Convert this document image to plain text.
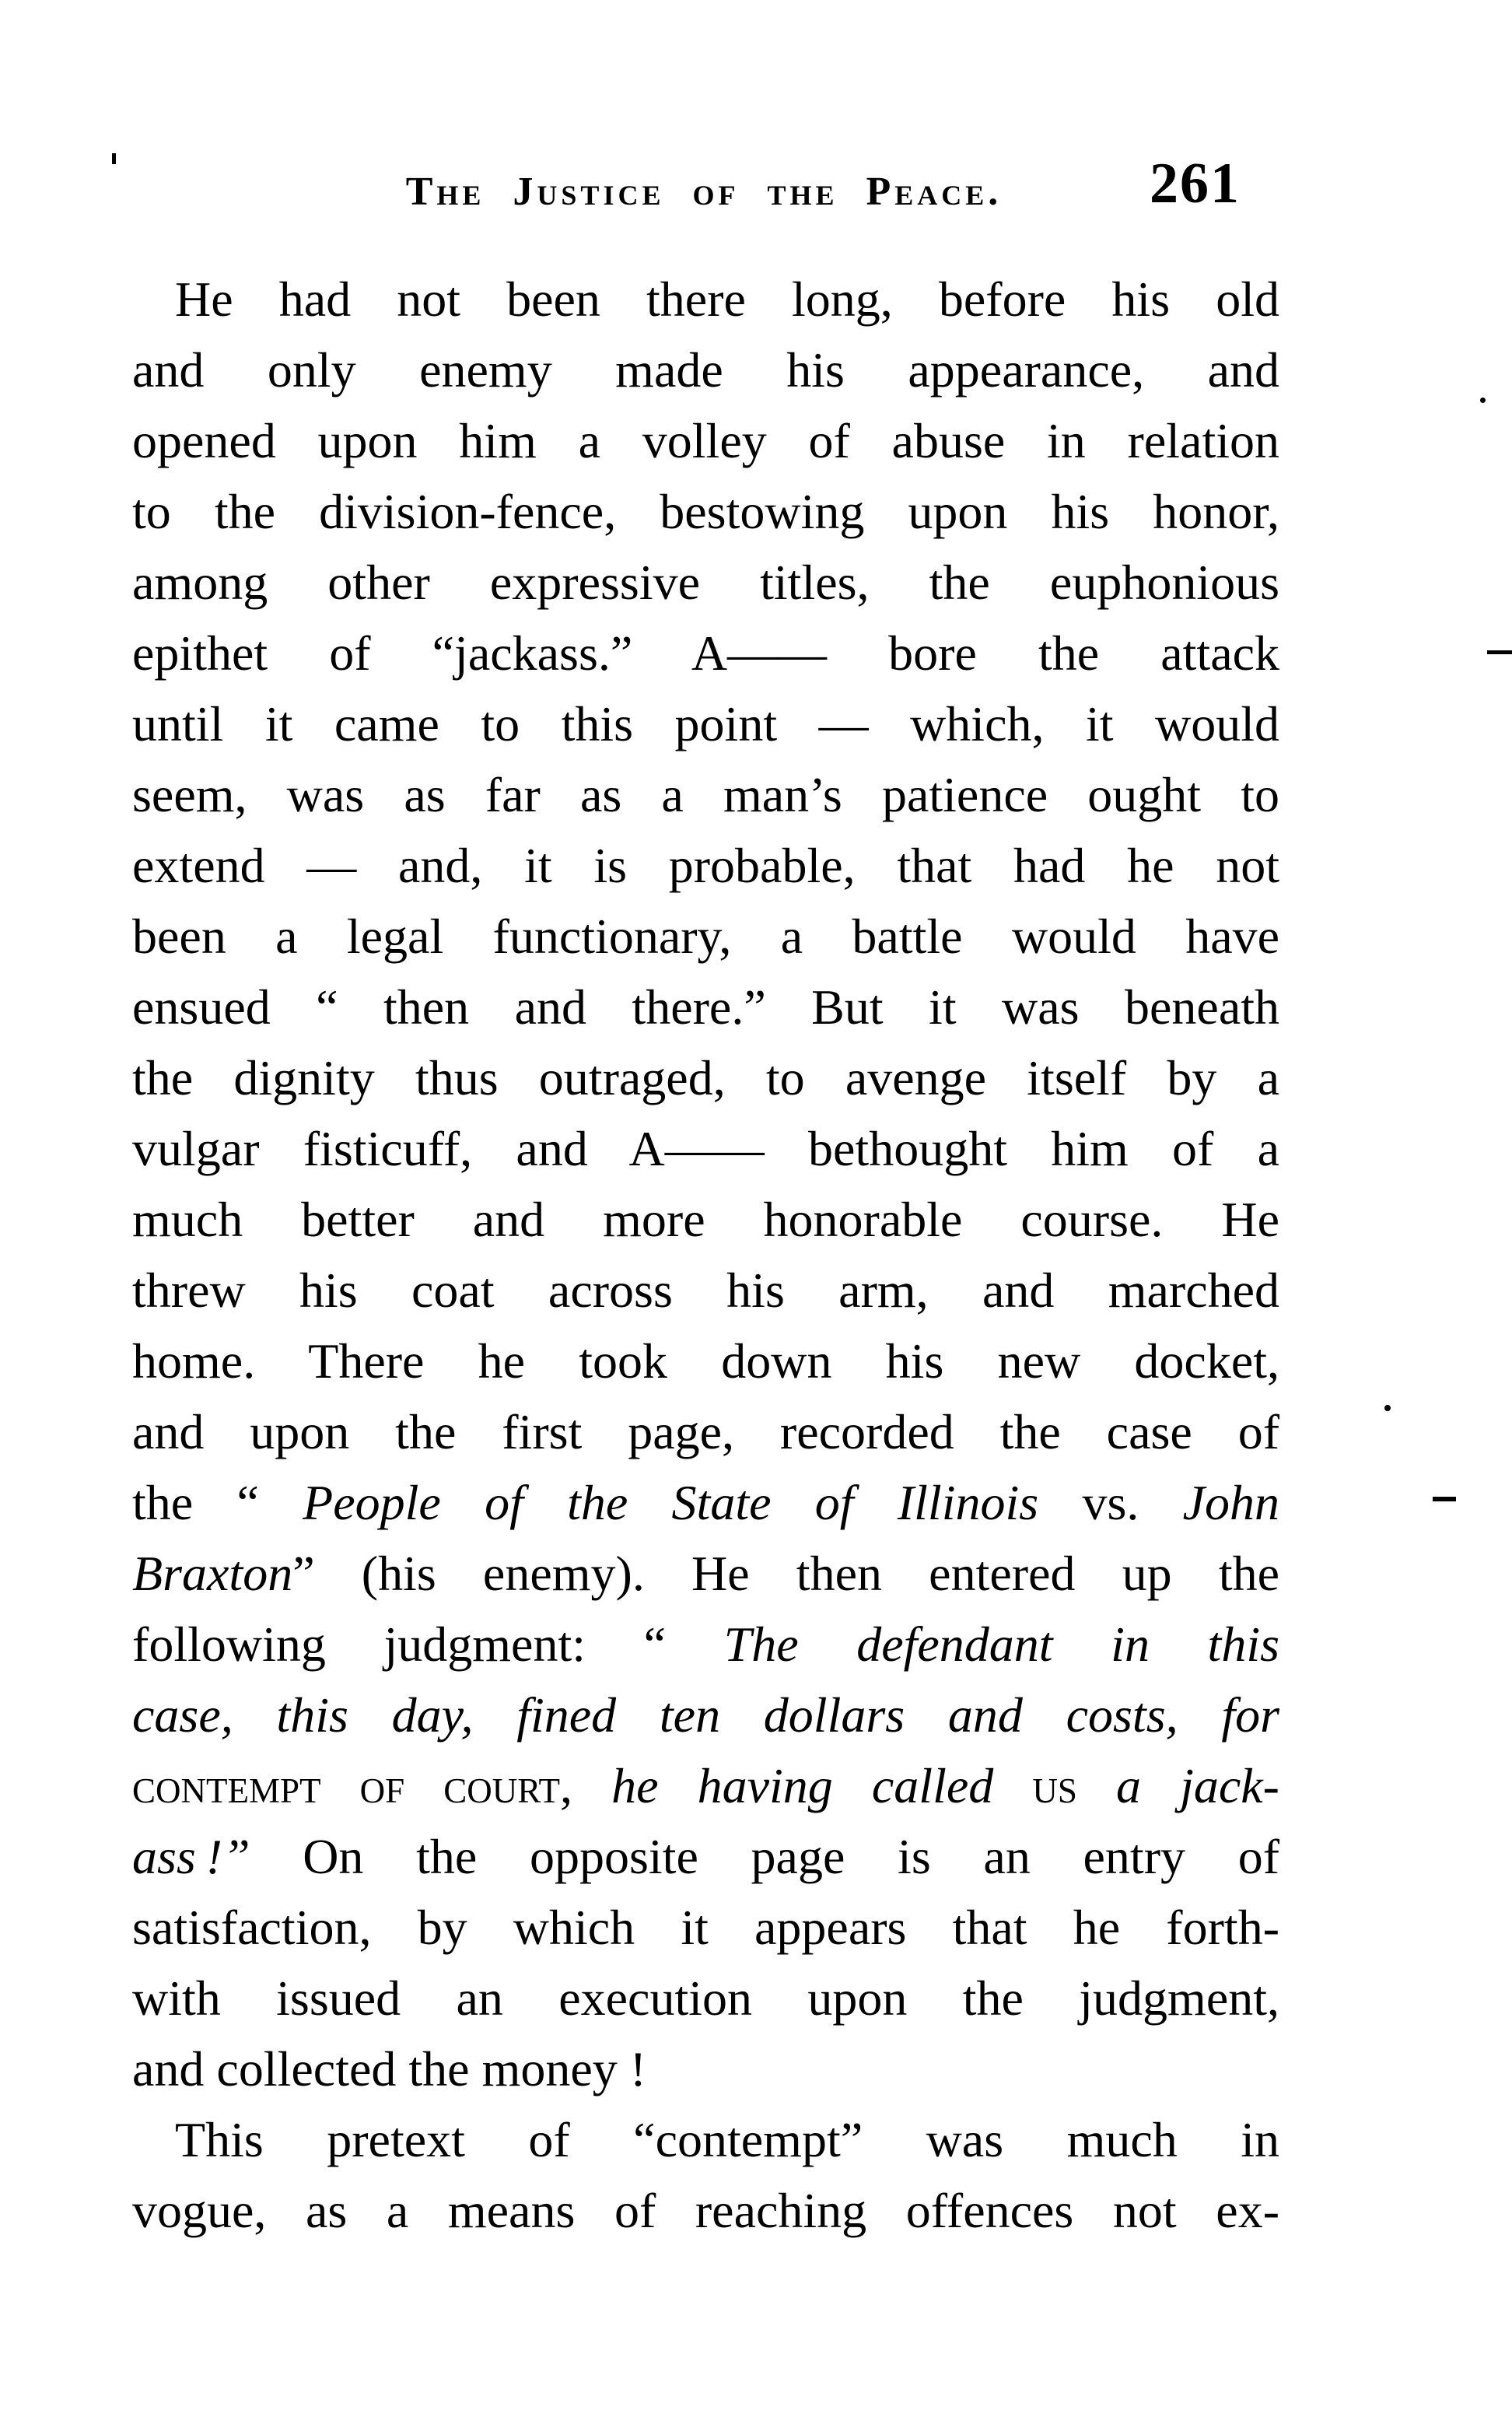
The Justice of the Peace.	261
He had not been there long, before his old
and only enemy made his appearance, and
opened upon him a volley of abuse in relation
to the division-fence, bestowing upon his honor,
among other expressive titles, the euphonious
epithet of “jackass.” A—— bore the attack
until it came to this point — which, it would
seem, was as far as a man’s patience ought to
extend — and, it is probable, that had he not
been a legal functionary, a battle would have
ensued “ then and there.” But it was beneath
the dignity thus outraged, to avenge itself by a
vulgar fisticuff, and A—— bethought him of a
much better and more honorable course. He
threw his coat across his arm, and marched
home. There he took down his new docket,
and upon the first page, recorded the case of
the “ People of the State of Illinois vs. John
Braxton” (his enemy). He then entered up the
following judgment: “ The defendant in this
case, this day, fined ten dollars and costs, for
contempt of court, he having called us a jack-
ass !” On the opposite page is an entry of
satisfaction, by which it appears that he forth-
with issued an execution upon the judgment,
and collected the money !
This pretext of “contempt” was much in
vogue, as a means of reaching offences not ex-
